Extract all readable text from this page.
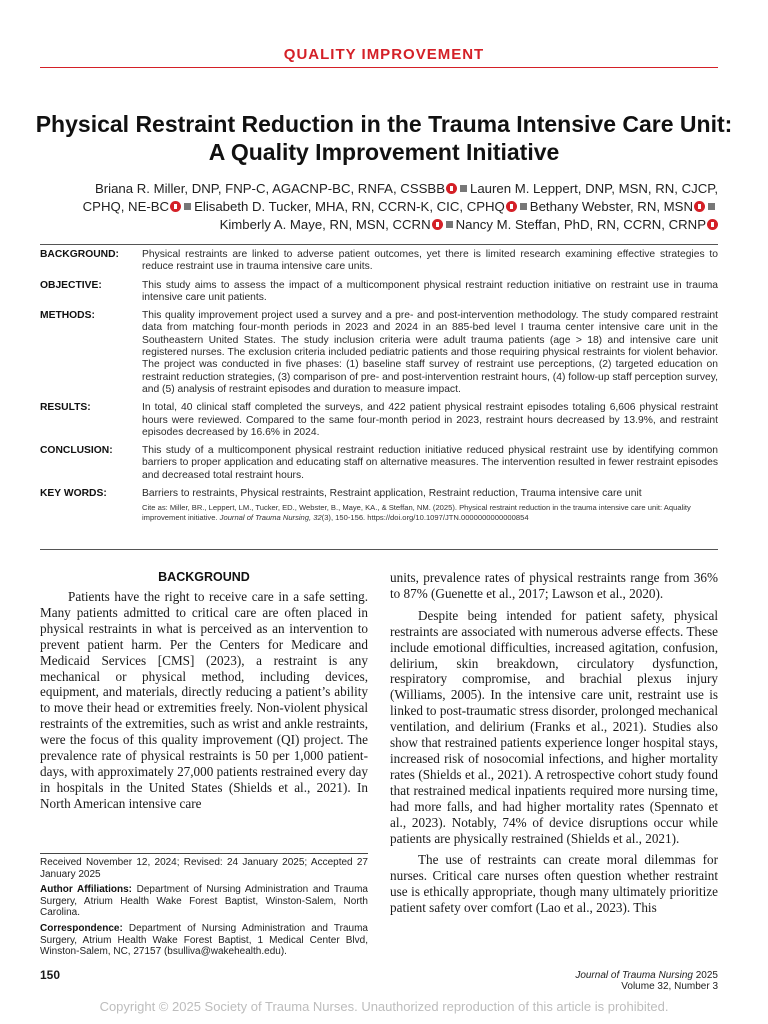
QUALITY IMPROVEMENT
Physical Restraint Reduction in the Trauma Intensive Care Unit: A Quality Improvement Initiative
Briana R. Miller, DNP, FNP-C, AGACNP-BC, RNFA, CSSBB Lauren M. Leppert, DNP, MSN, RN, CJCP, CPHQ, NE-BC Elisabeth D. Tucker, MHA, RN, CCRN-K, CIC, CPHQ Bethany Webster, RN, MSNKimberly A. Maye, RN, MSN, CCRN Nancy M. Steffan, PhD, RN, CCRN, CRNP
BACKGROUND:	Physical restraints are linked to adverse patient outcomes, yet there is limited research examining effective strategies to reduce restraint use in trauma intensive care units.
OBJECTIVE:	This study aims to assess the impact of a multicomponent physical restraint reduction initiative on restraint use in trauma intensive care unit patients.
METHODS:	This quality improvement project used a survey and a pre- and post-intervention methodology. The study compared restraint data from matching four-month periods in 2023 and 2024 in an 885-bed level I trauma center intensive care unit in the Southeastern United States. The study inclusion criteria were adult trauma patients (age > 18) and intensive care unit registered nurses. The exclusion criteria included pediatric patients and those requiring physical restraints for violent behavior. The project was conducted in five phases: (1) baseline staff survey of restraint use perceptions, (2) targeted education on restraint reduction strategies, (3) comparison of pre- and post-intervention restraint hours, (4) follow-up staff perception survey, and (5) analysis of restraint episodes and duration to measure impact.
RESULTS:	In total, 40 clinical staff completed the surveys, and 422 patient physical restraint episodes totaling 6,606 physical restraint hours were reviewed. Compared to the same four-month period in 2023, restraint hours decreased by 13.9%, and restraint episodes decreased by 16.6% in 2024.
CONCLUSION:	This study of a multicomponent physical restraint reduction initiative reduced physical restraint use by identifying common barriers to proper application and educating staff on alternative measures. The intervention resulted in fewer restraint episodes and decreased total restraint hours.
KEY WORDS:	Barriers to restraints, Physical restraints, Restraint application, Restraint reduction, Trauma intensive care unit
Cite as: Miller, BR., Leppert, LM., Tucker, ED., Webster, B., Maye, KA., & Steffan, NM. (2025). Physical restraint reduction in the trauma intensive care unit: Aquality improvement initiative. Journal of Trauma Nursing, 32(3), 150-156. https://doi.org/10.1097/JTN.0000000000000854
BACKGROUND

Patients have the right to receive care in a safe setting. Many patients admitted to critical care are often placed in physical restraints in what is perceived as an intervention to prevent patient harm. Per the Centers for Medicare and Medicaid Services [CMS] (2023), a restraint is any mechanical or physical method, including devices, equipment, and materials, directly reducing a patient’s ability to move their head or extremities freely. Non-violent physical restraints of the extremities, such as wrist and ankle restraints, were the focus of this quality improvement (QI) project. The prevalence rate of physical restraints is 50 per 1,000 patient-days, with approximately 27,000 patients restrained every day in hospitals in the United States (Shields et al., 2021). In North American intensive care

units, prevalence rates of physical restraints range from 36% to 87% (Guenette et al., 2017; Lawson et al., 2020).

Despite being intended for patient safety, physical restraints are associated with numerous adverse effects. These include emotional difficulties, increased agitation, confusion, delirium, skin breakdown, circulatory dysfunction, respiratory compromise, and brachial plexus injury (Williams, 2005). In the intensive care unit, restraint use is linked to post-traumatic stress disorder, prolonged mechanical ventilation, and delirium (Franks et al., 2021). Studies also show that restrained patients experience longer hospital stays, increased risk of nosocomial infections, and higher mortality rates (Shields et al., 2021). A retrospective cohort study found that restrained medical inpatients required more nursing time, had more falls, and had higher mortality rates (Spennato et al., 2023). Notably, 74% of device disruptions occur while patients are physically restrained (Shields et al., 2021).

The use of restraints can create moral dilemmas for nurses. Critical care nurses often question whether restraint use is ethically appropriate, though many ultimately prioritize patient safety over comfort (Lao et al., 2023). This

Received November 12, 2024; Revised: 24 January 2025; Accepted 27 January 2025

Author Affiliations: Department of Nursing Administration and Trauma Surgery, Atrium Health Wake Forest Baptist, Winston-Salem, North Carolina.

Correspondence: Department of Nursing Administration and Trauma Surgery, Atrium Health Wake Forest Baptist, 1 Medical Center Blvd, Winston-Salem, NC, 27157 (bsulliva@wakehealth.edu).

150	Journal of Trauma Nursing 2025
Volume 32, Number 3
Copyright © 2025 Society of Trauma Nurses. Unauthorized reproduction of this article is prohibited.
